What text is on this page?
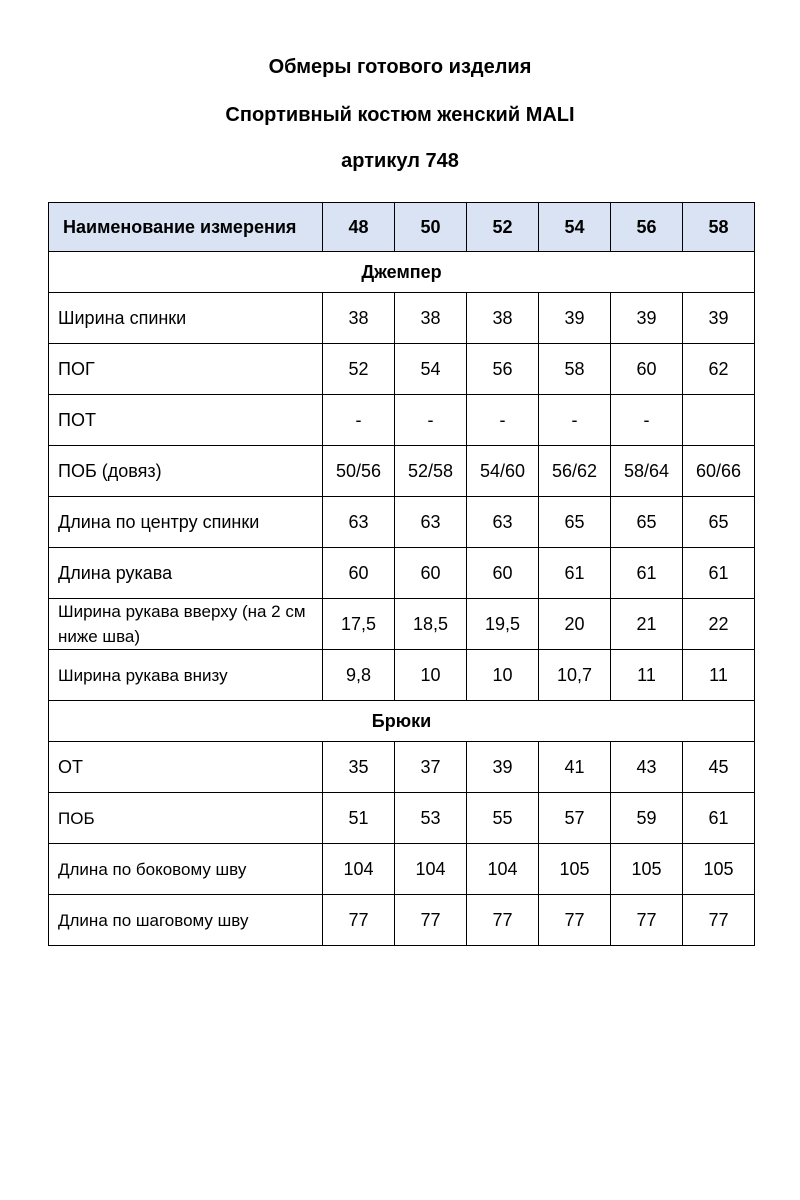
Обмеры готового изделия
Спортивный костюм женский MALI
артикул 748
Наименование измерения	48	50	52	54	56	58
Джемпер						
Ширина спинки	38	38	38	39	39	39
ПОГ	52	54	56	58	60	62
ПОТ	-	-	-	-	-	
ПОБ (довяз)	50/56	52/58	54/60	56/62	58/64	60/66
Длина по центру спинки	63	63	63	65	65	65
Длина рукава	60	60	60	61	61	61
Ширина рукава вверху (на 2 см ниже шва)	17,5	18,5	19,5	20	21	22
Ширина рукава внизу	9,8	10	10	10,7	11	11
Брюки						
ОТ	35	37	39	41	43	45
ПОБ	51	53	55	57	59	61
Длина по боковому шву	104	104	104	105	105	105
Длина по шаговому шву	77	77	77	77	77	77
